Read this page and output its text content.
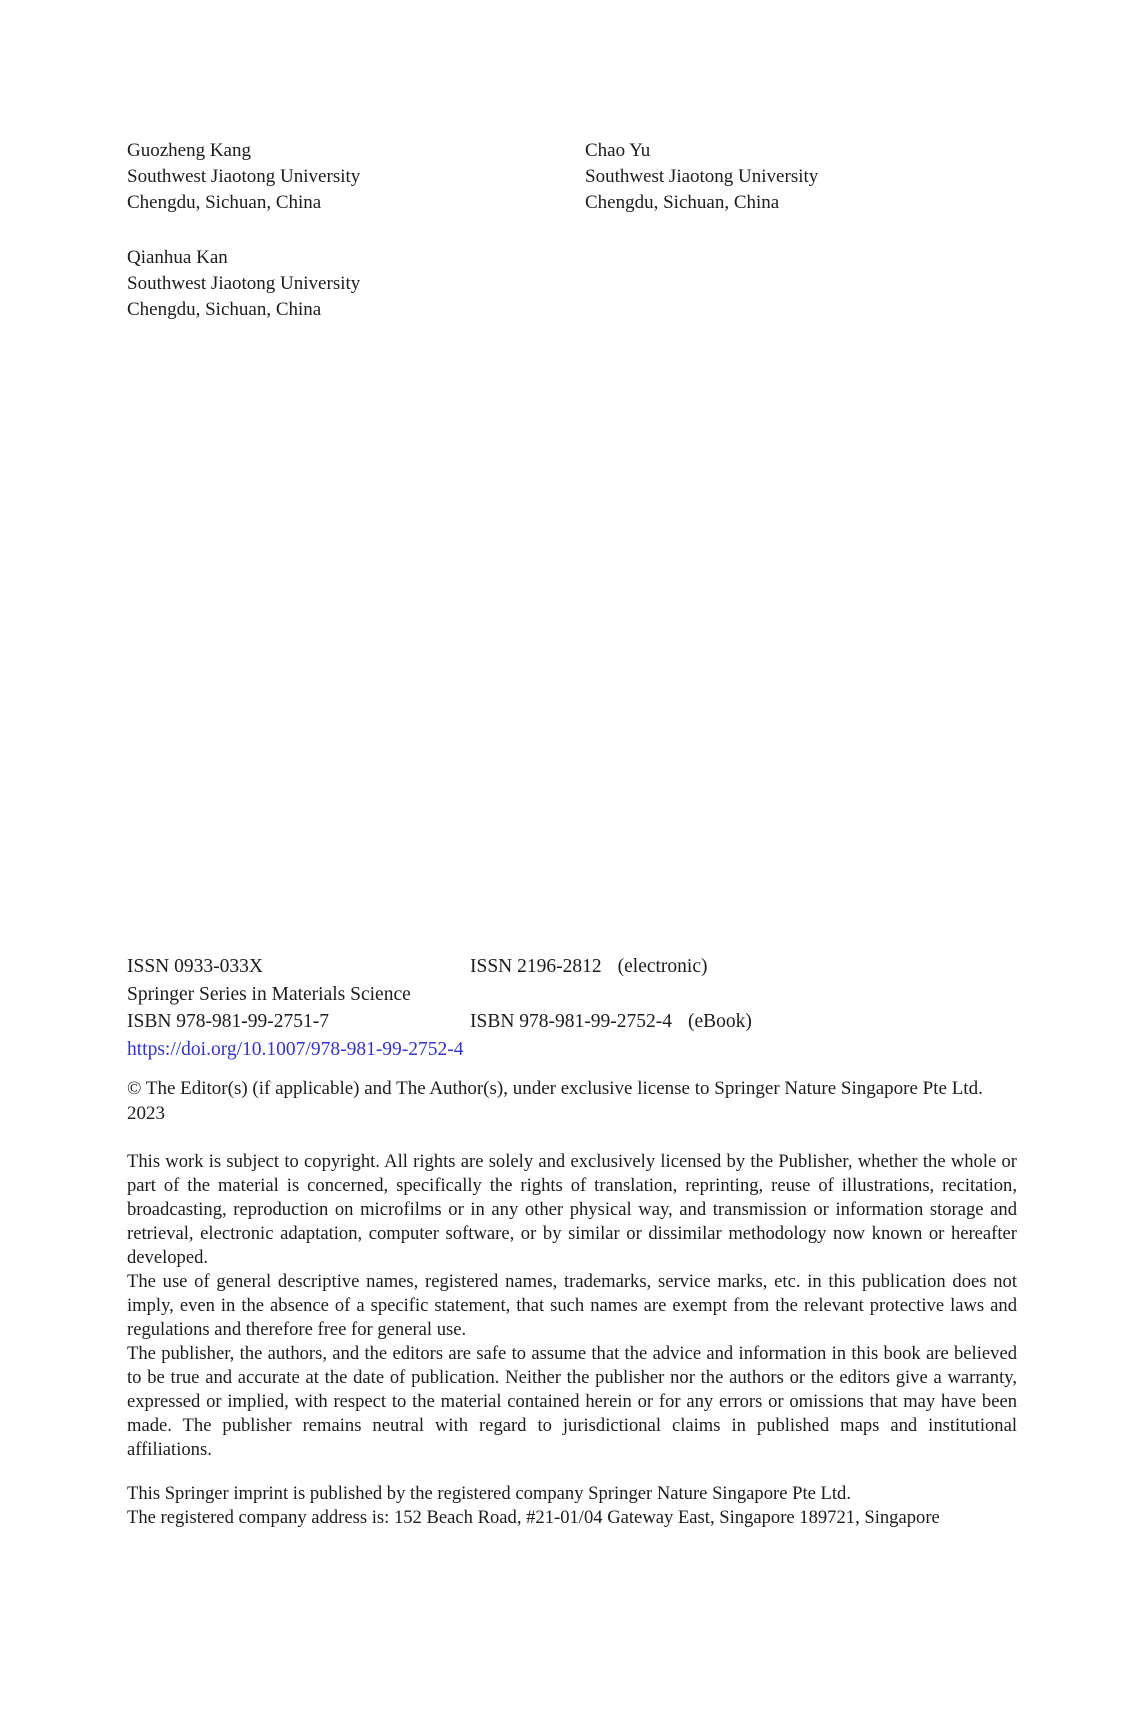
Guozheng Kang
Southwest Jiaotong University
Chengdu, Sichuan, China
Chao Yu
Southwest Jiaotong University
Chengdu, Sichuan, China
Qianhua Kan
Southwest Jiaotong University
Chengdu, Sichuan, China
ISSN 0933-033X	ISSN 2196-2812 (electronic)
Springer Series in Materials Science
ISBN 978-981-99-2751-7	ISBN 978-981-99-2752-4 (eBook)
https://doi.org/10.1007/978-981-99-2752-4
© The Editor(s) (if applicable) and The Author(s), under exclusive license to Springer Nature Singapore Pte Ltd. 2023

This work is subject to copyright. All rights are solely and exclusively licensed by the Publisher, whether the whole or part of the material is concerned, specifically the rights of translation, reprinting, reuse of illustrations, recitation, broadcasting, reproduction on microfilms or in any other physical way, and transmission or information storage and retrieval, electronic adaptation, computer software, or by similar or dissimilar methodology now known or hereafter developed.

The use of general descriptive names, registered names, trademarks, service marks, etc. in this publication does not imply, even in the absence of a specific statement, that such names are exempt from the relevant protective laws and regulations and therefore free for general use.

The publisher, the authors, and the editors are safe to assume that the advice and information in this book are believed to be true and accurate at the date of publication. Neither the publisher nor the authors or the editors give a warranty, expressed or implied, with respect to the material contained herein or for any errors or omissions that may have been made. The publisher remains neutral with regard to jurisdictional claims in published maps and institutional affiliations.

This Springer imprint is published by the registered company Springer Nature Singapore Pte Ltd.

The registered company address is: 152 Beach Road, #21-01/04 Gateway East, Singapore 189721, Singapore
